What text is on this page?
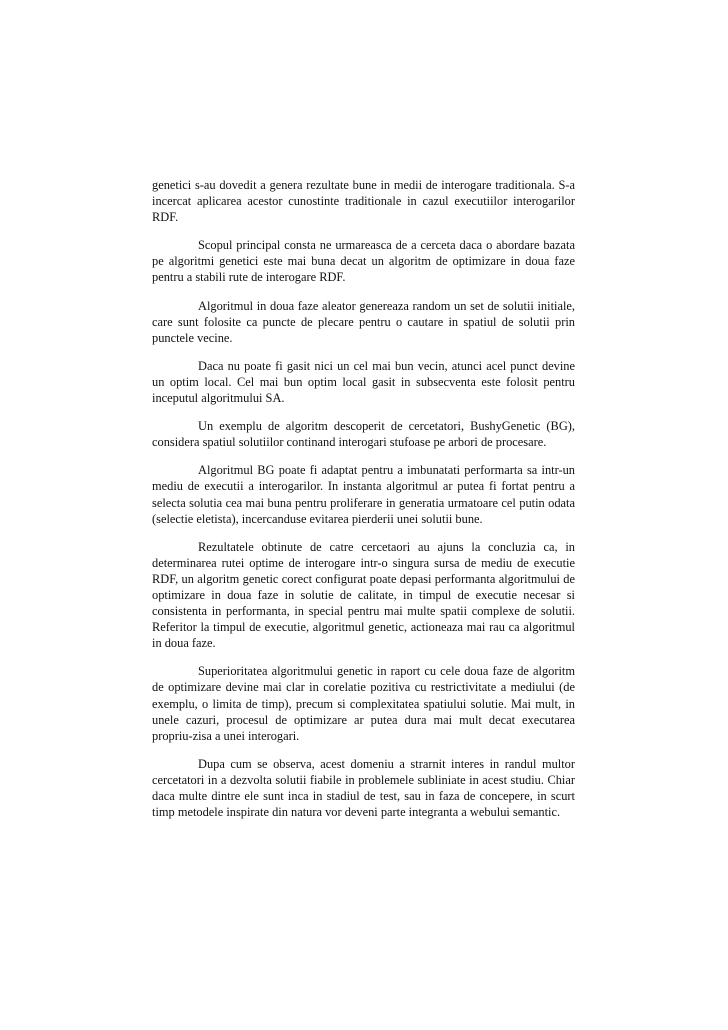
genetici s-au dovedit a genera rezultate bune in medii de interogare traditionala. S-a incercat aplicarea acestor cunostinte traditionale in cazul executiilor interogarilor RDF.

Scopul principal consta ne urmareasca de a cerceta daca o abordare bazata pe algoritmi genetici este mai buna decat un algoritm de optimizare in doua faze pentru a stabili rute de interogare RDF.

Algoritmul in doua faze aleator genereaza random un set de solutii initiale, care sunt folosite ca puncte de plecare pentru o cautare in spatiul de solutii prin punctele vecine.

Daca nu poate fi gasit nici un cel mai bun vecin, atunci acel punct devine un optim local. Cel mai bun optim local gasit in subsecventa este folosit pentru inceputul algoritmului SA.

Un exemplu de algoritm descoperit de cercetatori, BushyGenetic (BG), considera spatiul solutiilor continand interogari stufoase pe arbori de procesare.

Algoritmul BG poate fi adaptat pentru a imbunatati performarta sa intr-un mediu de executii a interogarilor. In instanta algoritmul ar putea fi fortat pentru a selecta solutia cea mai buna pentru proliferare in generatia urmatoare cel putin odata (selectie eletista), incercanduse evitarea pierderii unei solutii bune.

Rezultatele obtinute de catre cercetaori au ajuns la concluzia ca, in determinarea rutei optime de interogare intr-o singura sursa de mediu de executie RDF, un algoritm genetic corect configurat poate depasi performanta algoritmului de optimizare in doua faze in solutie de calitate, in timpul de executie necesar si consistenta in performanta, in special pentru mai multe spatii complexe de solutii. Referitor la timpul de executie, algoritmul genetic, actioneaza mai rau ca algoritmul in doua faze.

Superioritatea algoritmului genetic in raport cu cele doua faze de algoritm de optimizare devine mai clar in corelatie pozitiva cu restrictivitate a mediului (de exemplu, o limita de timp), precum si complexitatea spatiului solutie. Mai mult, in unele cazuri, procesul de optimizare ar putea dura mai mult decat executarea propriu-zisa a unei interogari.

Dupa cum se observa, acest domeniu a strarnit interes in randul multor cercetatori in a dezvolta solutii fiabile in problemele subliniate in acest studiu. Chiar daca multe dintre ele sunt inca in stadiul de test, sau in faza de concepere, in scurt timp metodele inspirate din natura vor deveni parte integranta a webului semantic.
